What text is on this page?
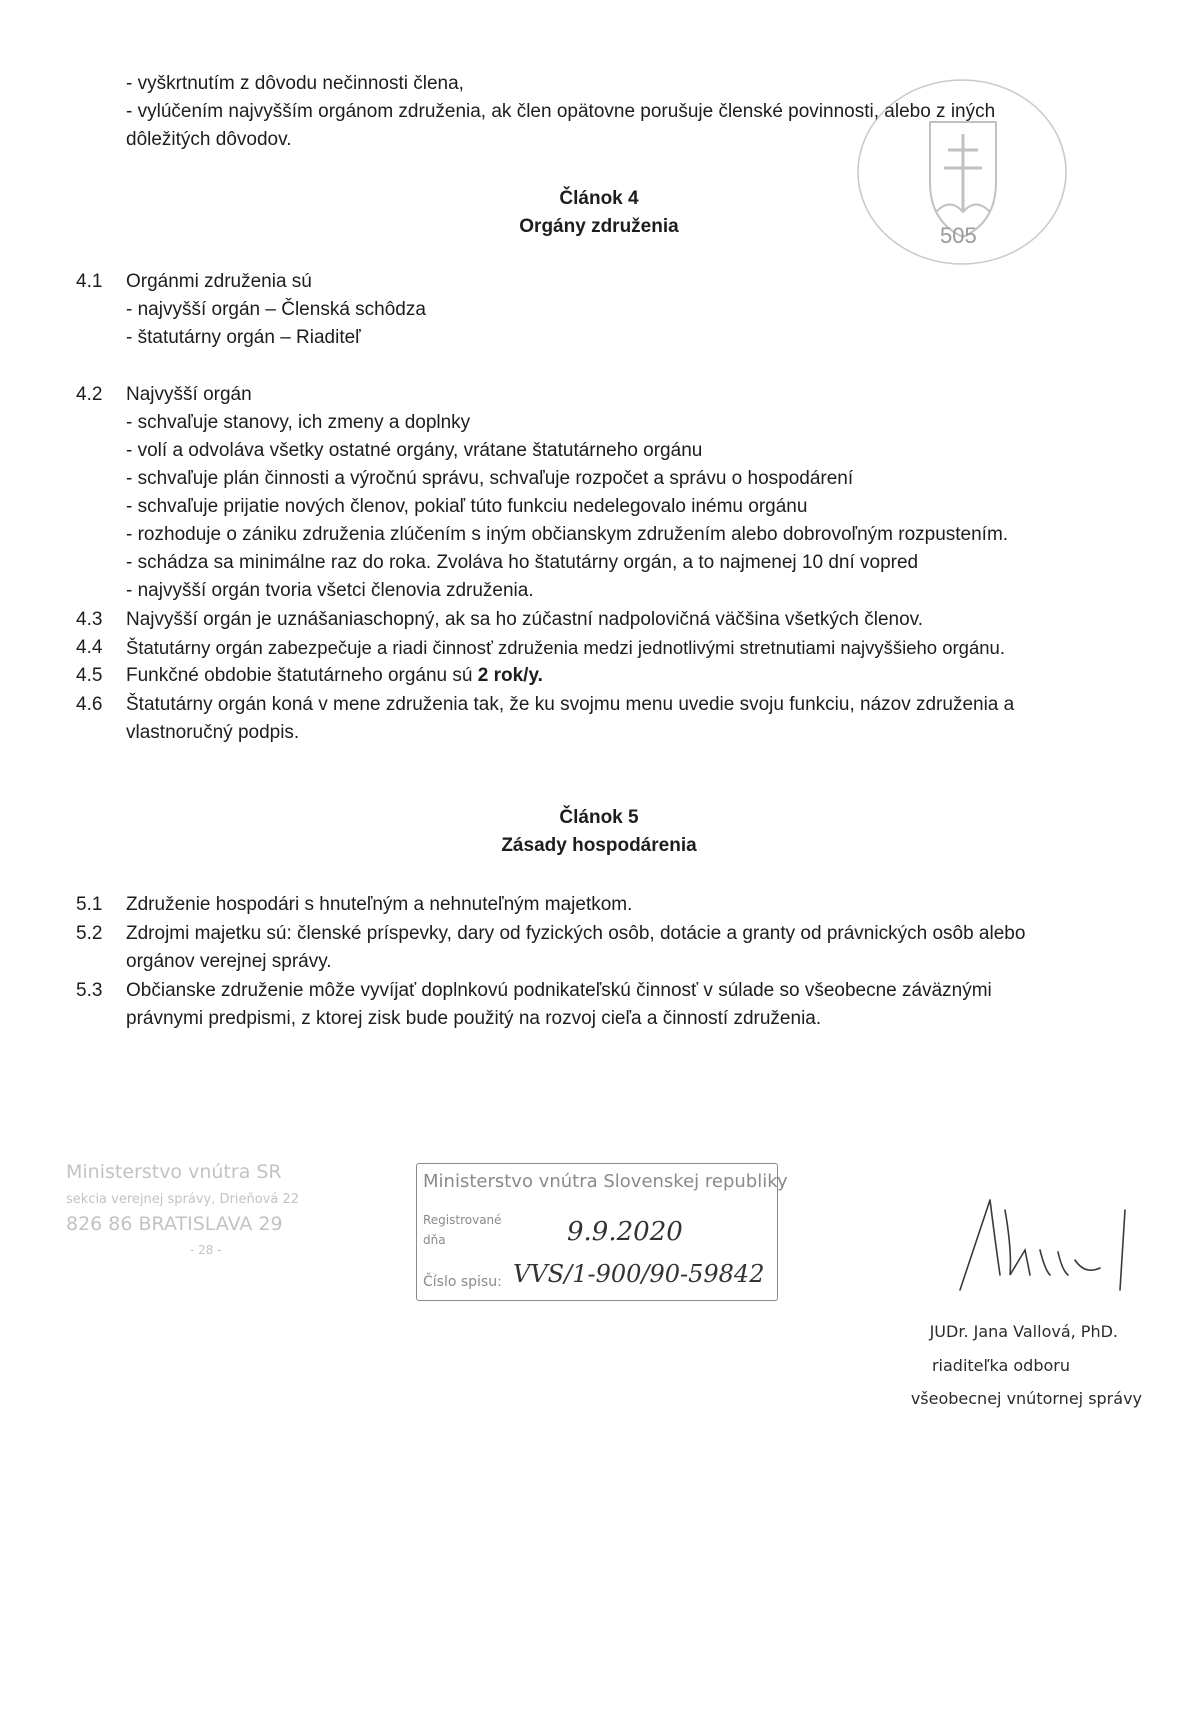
- vyškrtnutím z dôvodu nečinnosti člena,
- vylúčením najvyšším orgánom združenia, ak člen opätovne porušuje členské povinnosti, alebo z iných
dôležitých dôvodov.
505
Článok 4
Orgány združenia
4.1	Orgánmi združenia sú
- najvyšší orgán – Členská schôdza
- štatutárny orgán – Riaditeľ
4.2	Najvyšší orgán
- schvaľuje stanovy, ich zmeny a doplnky
- volí a odvoláva všetky ostatné orgány, vrátane štatutárneho orgánu
- schvaľuje plán činnosti a výročnú správu, schvaľuje rozpočet a správu o hospodárení
- schvaľuje prijatie nových členov, pokiaľ túto funkciu nedelegovalo inému orgánu
- rozhoduje o zániku združenia zlúčením s iným občianskym združením alebo dobrovoľným rozpustením.
- schádza sa minimálne raz do roka. Zvoláva ho štatutárny orgán, a to najmenej 10 dní vopred
- najvyšší orgán tvoria všetci členovia združenia.
4.3	Najvyšší orgán je uznášaniaschopný, ak sa ho zúčastní nadpolovičná väčšina všetkých členov.
4.4	Štatutárny orgán zabezpečuje a riadi činnosť združenia medzi jednotlivými stretnutiami najvyššieho orgánu.
4.5	Funkčné obdobie štatutárneho orgánu sú 2 rok/y.
4.6	Štatutárny orgán koná v mene združenia tak, že ku svojmu menu uvedie svoju funkciu, názov združenia a
vlastnoručný podpis.
Článok 5
Zásady hospodárenia
5.1	Združenie hospodári s hnuteľným a nehnuteľným majetkom.
5.2	Zdrojmi majetku sú: členské príspevky, dary od fyzických osôb, dotácie a granty od právnických osôb alebo
orgánov verejnej správy.
5.3	Občianske združenie môže vyvíjať doplnkovú podnikateľskú činnosť v súlade so všeobecne záväznými
právnymi predpismi, z ktorej zisk bude použitý na rozvoj cieľa a činností združenia.
Ministerstvo vnútra SR
sekcia verejnej správy, Drieňová 22
826 86 BRATISLAVA 29
- 28 -
Ministerstvo vnútra Slovenskej republiky
Registrované
dňa	9.9.2020
Číslo spisu: VVS/1-900/90-59842
JUDr. Jana Vallová, PhD.
riaditeľka odboru
všeobecnej vnútornej správy
